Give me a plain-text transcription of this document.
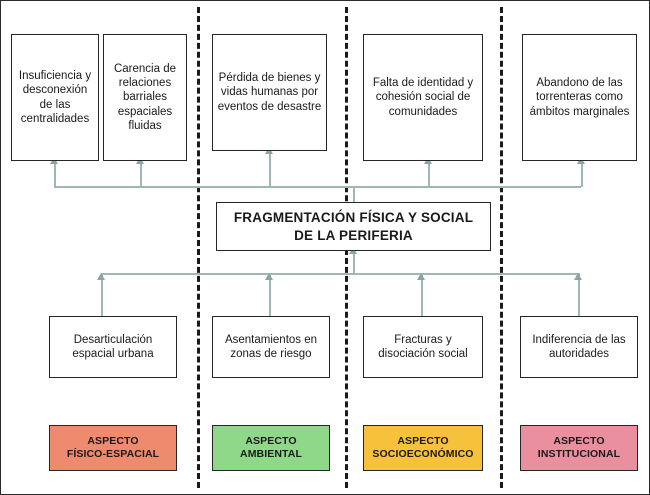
Insuficiencia y desconexión de las centralidades
Carencia de relaciones barriales espaciales fluidas
Pérdida de bienes y vidas humanas por eventos de desastre
Falta de identidad y cohesión social de comunidades
Abandono de las torrenteras como ámbitos marginales
FRAGMENTACIÓN FÍSICA Y SOCIAL
DE LA PERIFERIA
Desarticulación espacial urbana
Asentamientos en zonas de riesgo
Fracturas y disociación social
Indiferencia de las autoridades
ASPECTO
FÍSICO-ESPACIAL
ASPECTO
AMBIENTAL
ASPECTO
SOCIOECONÓMICO
ASPECTO
INSTITUCIONAL
